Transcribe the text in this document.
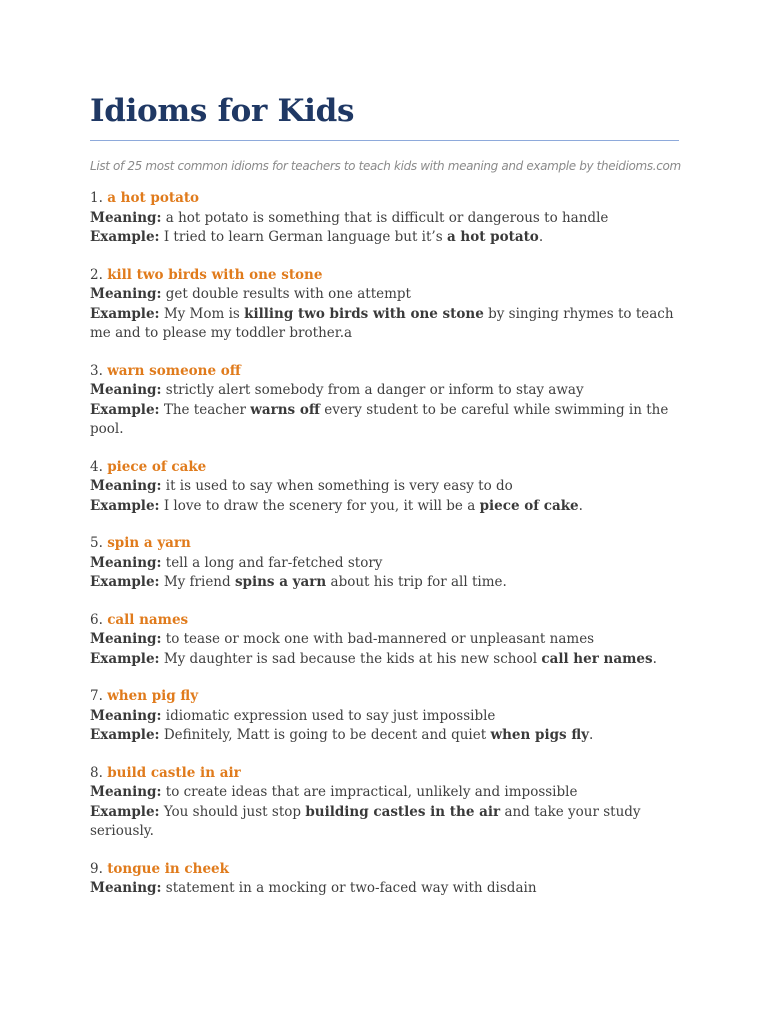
Idioms for Kids

List of 25 most common idioms for teachers to teach kids with meaning and example by theidioms.com

1. a hot potato
Meaning: a hot potato is something that is difficult or dangerous to handle
Example: I tried to learn German language but it’s a hot potato.
2. kill two birds with one stone
Meaning: get double results with one attempt
Example: My Mom is killing two birds with one stone by singing rhymes to teach me and to please my toddler brother.a
3. warn someone off
Meaning: strictly alert somebody from a danger or inform to stay away
Example: The teacher warns off every student to be careful while swimming in the pool.
4. piece of cake
Meaning: it is used to say when something is very easy to do
Example: I love to draw the scenery for you, it will be a piece of cake.
5. spin a yarn
Meaning: tell a long and far-fetched story
Example: My friend spins a yarn about his trip for all time.
6. call names
Meaning: to tease or mock one with bad-mannered or unpleasant names
Example: My daughter is sad because the kids at his new school call her names.
7. when pig fly
Meaning: idiomatic expression used to say just impossible
Example: Definitely, Matt is going to be decent and quiet when pigs fly.
8. build castle in air
Meaning: to create ideas that are impractical, unlikely and impossible
Example: You should just stop building castles in the air and take your study seriously.
9. tongue in cheek
Meaning: statement in a mocking or two-faced way with disdain
